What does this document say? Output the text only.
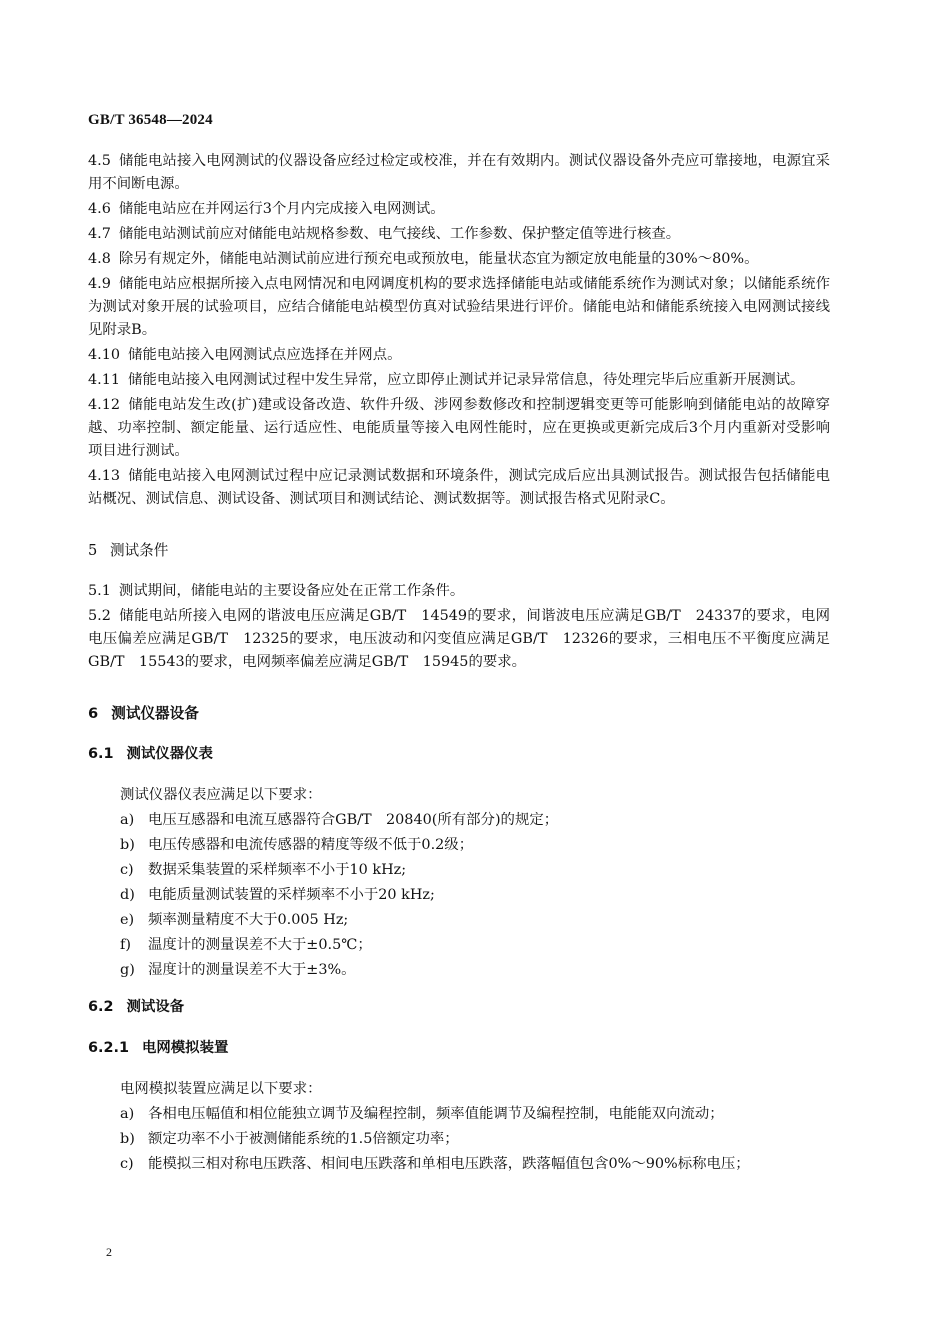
GB/T 36548—2024
4.5 储能电站接入电网测试的仪器设备应经过检定或校准，并在有效期内。测试仪器设备外壳应可靠接地，电源宜采用不间断电源。
4.6 储能电站应在并网运行3个月内完成接入电网测试。
4.7 储能电站测试前应对储能电站规格参数、电气接线、工作参数、保护整定值等进行核查。
4.8 除另有规定外，储能电站测试前应进行预充电或预放电，能量状态宜为额定放电能量的30%～80%。
4.9 储能电站应根据所接入点电网情况和电网调度机构的要求选择储能电站或储能系统作为测试对象；以储能系统作为测试对象开展的试验项目，应结合储能电站模型仿真对试验结果进行评价。储能电站和储能系统接入电网测试接线见附录B。
4.10 储能电站接入电网测试点应选择在并网点。
4.11 储能电站接入电网测试过程中发生异常，应立即停止测试并记录异常信息，待处理完毕后应重新开展测试。
4.12 储能电站发生改(扩)建或设备改造、软件升级、涉网参数修改和控制逻辑变更等可能影响到储能电站的故障穿越、功率控制、额定能量、运行适应性、电能质量等接入电网性能时，应在更换或更新完成后3个月内重新对受影响项目进行测试。
4.13 储能电站接入电网测试过程中应记录测试数据和环境条件，测试完成后应出具测试报告。测试报告包括储能电站概况、测试信息、测试设备、测试项目和测试结论、测试数据等。测试报告格式见附录C。
5 测试条件
5.1 测试期间，储能电站的主要设备应处在正常工作条件。
5.2 储能电站所接入电网的谐波电压应满足GB/T　14549的要求，间谐波电压应满足GB/T　24337的要求，电网电压偏差应满足GB/T　12325的要求，电压波动和闪变值应满足GB/T　12326的要求，三相电压不平衡度应满足GB/T　15543的要求，电网频率偏差应满足GB/T　15945的要求。
6 测试仪器设备
6.1 测试仪器仪表
测试仪器仪表应满足以下要求：
a) 电压互感器和电流互感器符合GB/T　20840(所有部分)的规定；
b) 电压传感器和电流传感器的精度等级不低于0.2级；
c) 数据采集装置的采样频率不小于10 kHz;
d) 电能质量测试装置的采样频率不小于20 kHz;
e) 频率测量精度不大于0.005 Hz;
f)	温度计的测量误差不大于±0.5℃；
g) 湿度计的测量误差不大于±3%。
6.2 测试设备
6.2.1 电网模拟装置
电网模拟装置应满足以下要求：
a) 各相电压幅值和相位能独立调节及编程控制，频率值能调节及编程控制，电能能双向流动；
b) 额定功率不小于被测储能系统的1.5倍额定功率；
c) 能模拟三相对称电压跌落、相间电压跌落和单相电压跌落，跌落幅值包含0%～90%标称电压；
2
